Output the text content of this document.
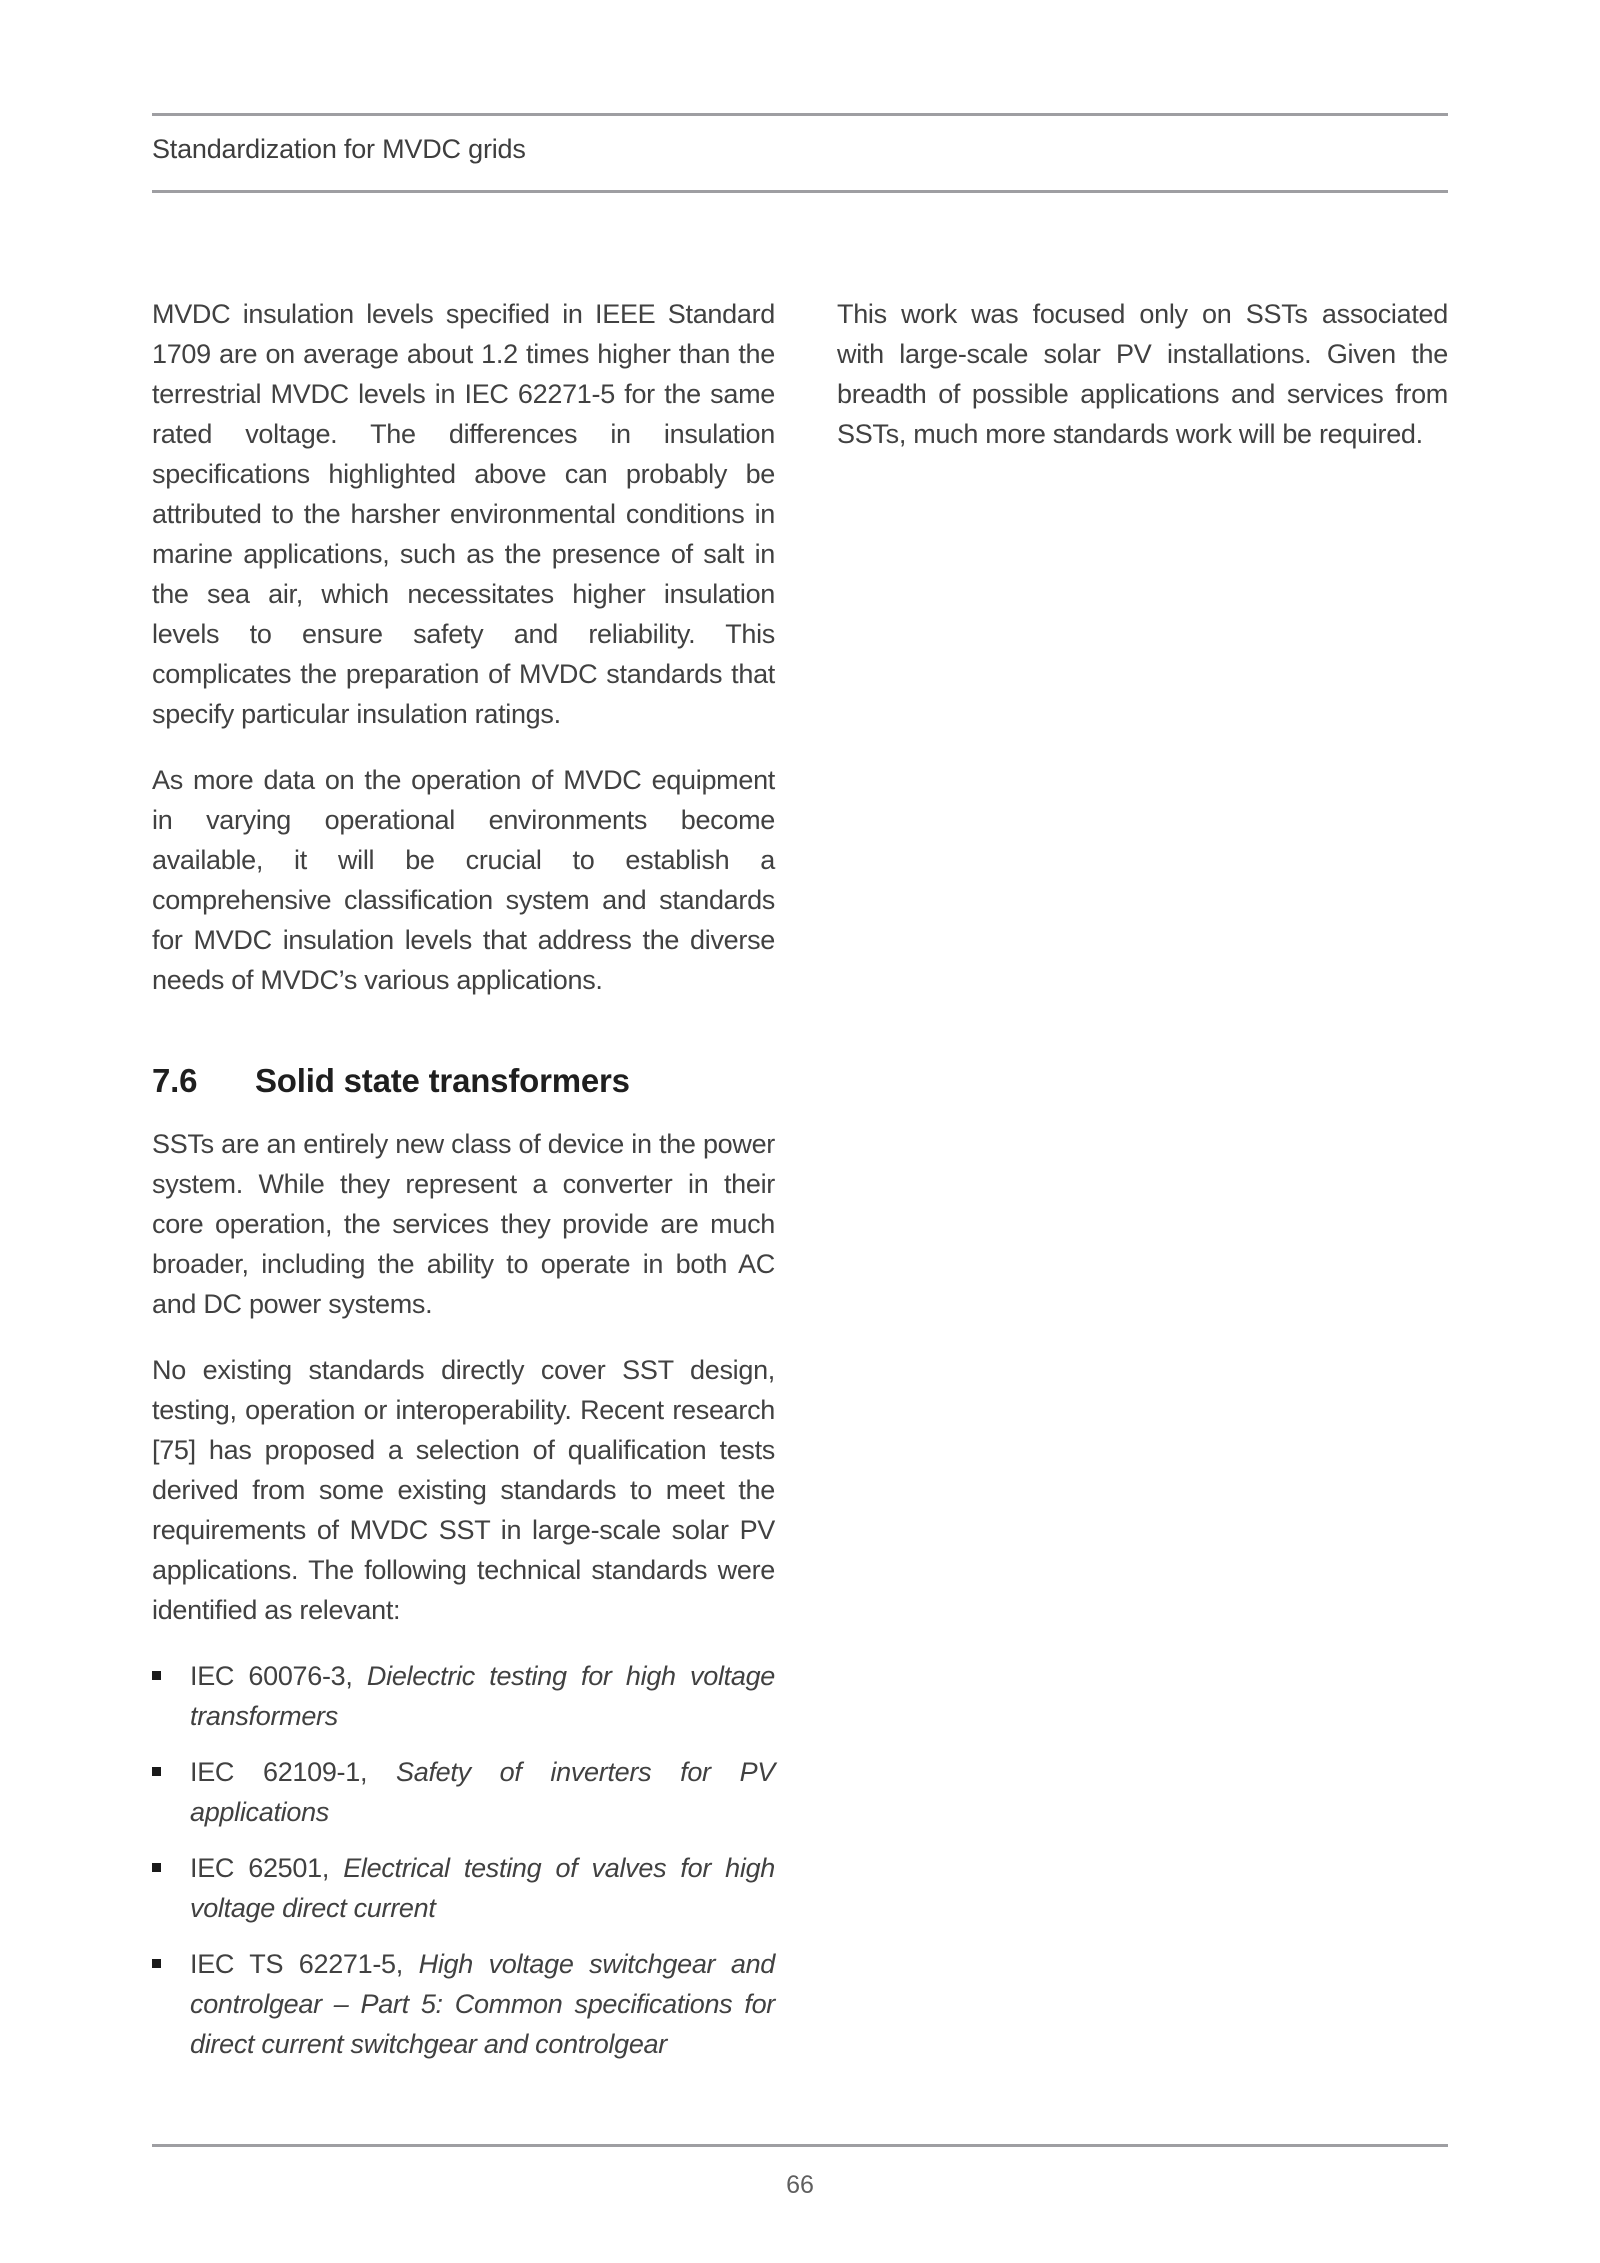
Standardization for MVDC grids

MVDC insulation levels specified in IEEE Standard 1709 are on average about 1.2 times higher than the terrestrial MVDC levels in IEC 62271-5 for the same rated voltage. The differences in insulation specifications highlighted above can probably be attributed to the harsher environmental conditions in marine applications, such as the presence of salt in the sea air, which necessitates higher insulation levels to ensure safety and reliability. This complicates the preparation of MVDC standards that specify particular insulation ratings.

As more data on the operation of MVDC equipment in varying operational environments become available, it will be crucial to establish a comprehensive classification system and standards for MVDC insulation levels that address the diverse needs of MVDC’s various applications.

7.6	Solid state transformers

SSTs are an entirely new class of device in the power system. While they represent a converter in their core operation, the services they provide are much broader, including the ability to operate in both AC and DC power systems.

No existing standards directly cover SST design, testing, operation or interoperability. Recent research [75] has proposed a selection of qualification tests derived from some existing standards to meet the requirements of MVDC SST in large-scale solar PV applications. The following technical standards were identified as relevant:

IEC 60076-3, Dielectric testing for high voltage transformers
IEC 62109-1, Safety of inverters for PV applications
IEC 62501, Electrical testing of valves for high voltage direct current
IEC TS 62271-5, High voltage switchgear and controlgear – Part 5: Common specifications for direct current switchgear and controlgear

This work was focused only on SSTs associated with large-scale solar PV installations. Given the breadth of possible applications and services from SSTs, much more standards work will be required.

66
